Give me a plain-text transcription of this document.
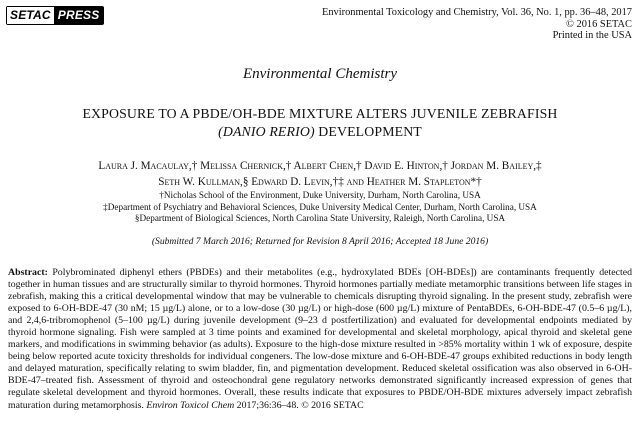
SETAC PRESS	Environmental Toxicology and Chemistry, Vol. 36, No. 1, pp. 36–48, 2017
© 2016 SETAC
Printed in the USA
Environmental Chemistry
EXPOSURE TO A PBDE/OH-BDE MIXTURE ALTERS JUVENILE ZEBRAFISH
(DANIO RERIO) DEVELOPMENT
Laura J. Macaulay,† Melissa Chernick,† Albert Chen,† David E. Hinton,† Jordan M. Bailey,‡
Seth W. Kullman,§ Edward D. Levin,†‡ and Heather M. Stapleton*†
†Nicholas School of the Environment, Duke University, Durham, North Carolina, USA
‡Department of Psychiatry and Behavioral Sciences, Duke University Medical Center, Durham, North Carolina, USA
§Department of Biological Sciences, North Carolina State University, Raleigh, North Carolina, USA
(Submitted 7 March 2016; Returned for Revision 8 April 2016; Accepted 18 June 2016)
Abstract: Polybrominated diphenyl ethers (PBDEs) and their metabolites (e.g., hydroxylated BDEs [OH-BDEs]) are contaminants frequently detected together in human tissues and are structurally similar to thyroid hormones. Thyroid hormones partially mediate metamorphic transitions between life stages in zebrafish, making this a critical developmental window that may be vulnerable to chemicals disrupting thyroid signaling. In the present study, zebrafish were exposed to 6-OH-BDE-47 (30 nM; 15 µg/L) alone, or to a low-dose (30 µg/L) or high-dose (600 µg/L) mixture of PentaBDEs, 6-OH-BDE-47 (0.5–6 µg/L), and 2,4,6-tribromophenol (5–100 µg/L) during juvenile development (9–23 d postfertilization) and evaluated for developmental endpoints mediated by thyroid hormone signaling. Fish were sampled at 3 time points and examined for developmental and skeletal morphology, apical thyroid and skeletal gene markers, and modifications in swimming behavior (as adults). Exposure to the high-dose mixture resulted in >85% mortality within 1 wk of exposure, despite being below reported acute toxicity thresholds for individual congeners. The low-dose mixture and 6-OH-BDE-47 groups exhibited reductions in body length and delayed maturation, specifically relating to swim bladder, fin, and pigmentation development. Reduced skeletal ossification was also observed in 6-OH-BDE-47–treated fish. Assessment of thyroid and osteochondral gene regulatory networks demonstrated significantly increased expression of genes that regulate skeletal development and thyroid hormones. Overall, these results indicate that exposures to PBDE/OH-BDE mixtures adversely impact zebrafish maturation during metamorphosis. Environ Toxicol Chem 2017;36:36–48. © 2016 SETAC
